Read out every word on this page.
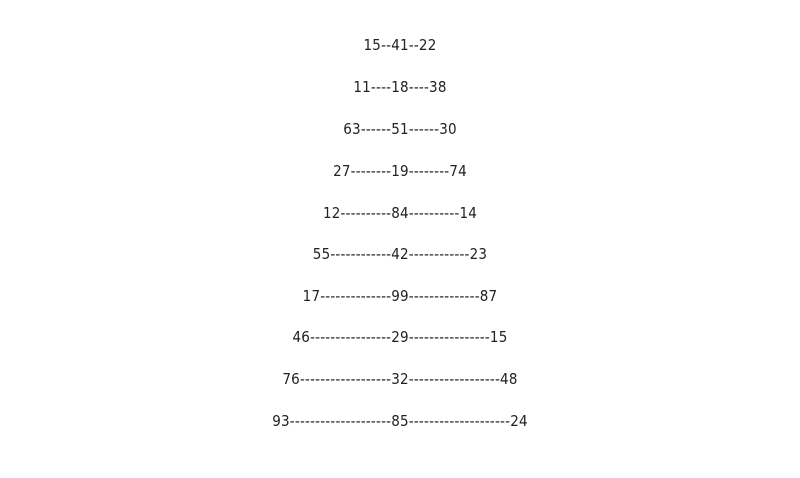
15--41--22
11----18----38
63------51------30
27--------19--------74
12----------84----------14
55------------42------------23
17--------------99--------------87
46----------------29----------------15
76------------------32------------------48
93--------------------85--------------------24
